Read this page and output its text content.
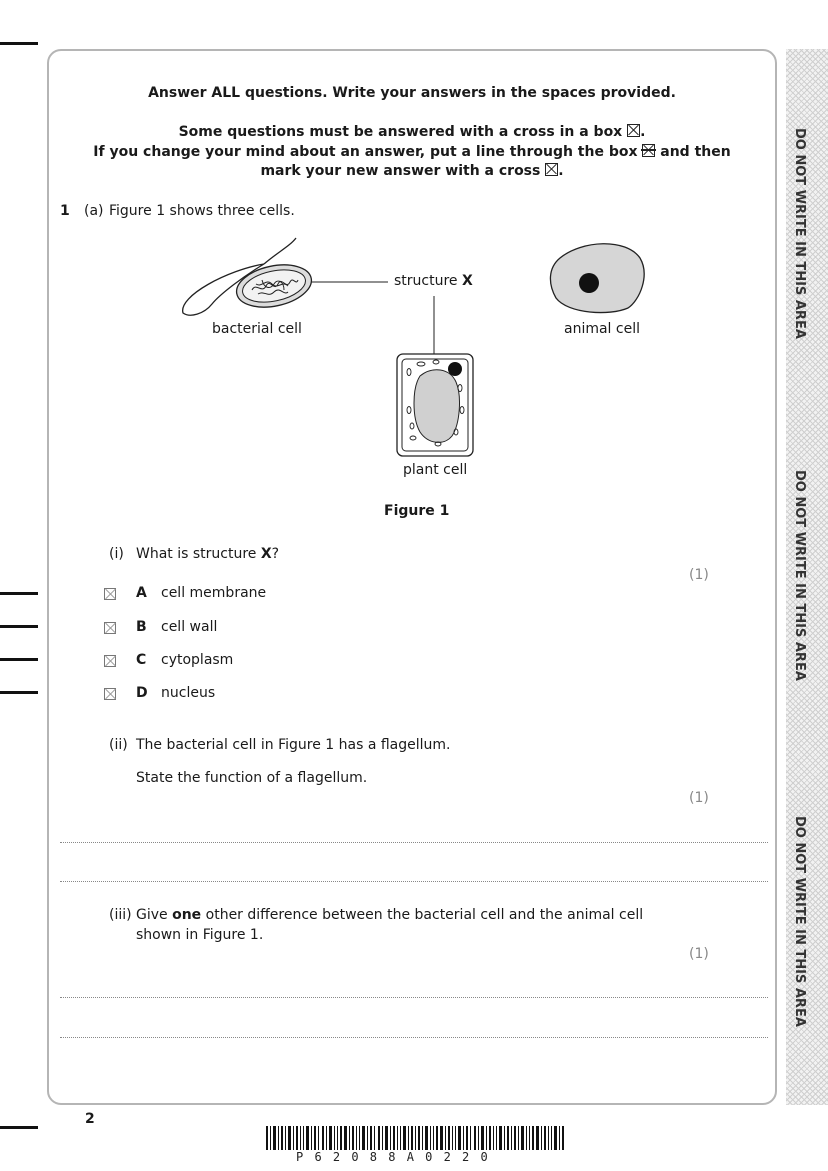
DO NOT WRITE IN THIS AREA
DO NOT WRITE IN THIS AREA
DO NOT WRITE IN THIS AREA
Answer ALL questions. Write your answers in the spaces provided.
Some questions must be answered with a cross in a box ☒.
If you change your mind about an answer, put a line through the box and then
mark your new answer with a cross ☒.
1 (a) Figure 1 shows three cells.
bacterial cell
structure X
animal cell
plant cell
Figure 1
(i) What is structure X?
(1)
A cell membrane
B cell wall
C cytoplasm
D nucleus
(ii) The bacterial cell in Figure 1 has a flagellum.
State the function of a flagellum.
(1)
(iii) Give one other difference between the bacterial cell and the animal cell
shown in Figure 1.
(1)
2
P 6 2 0 8 8 A 0 2 2 0
